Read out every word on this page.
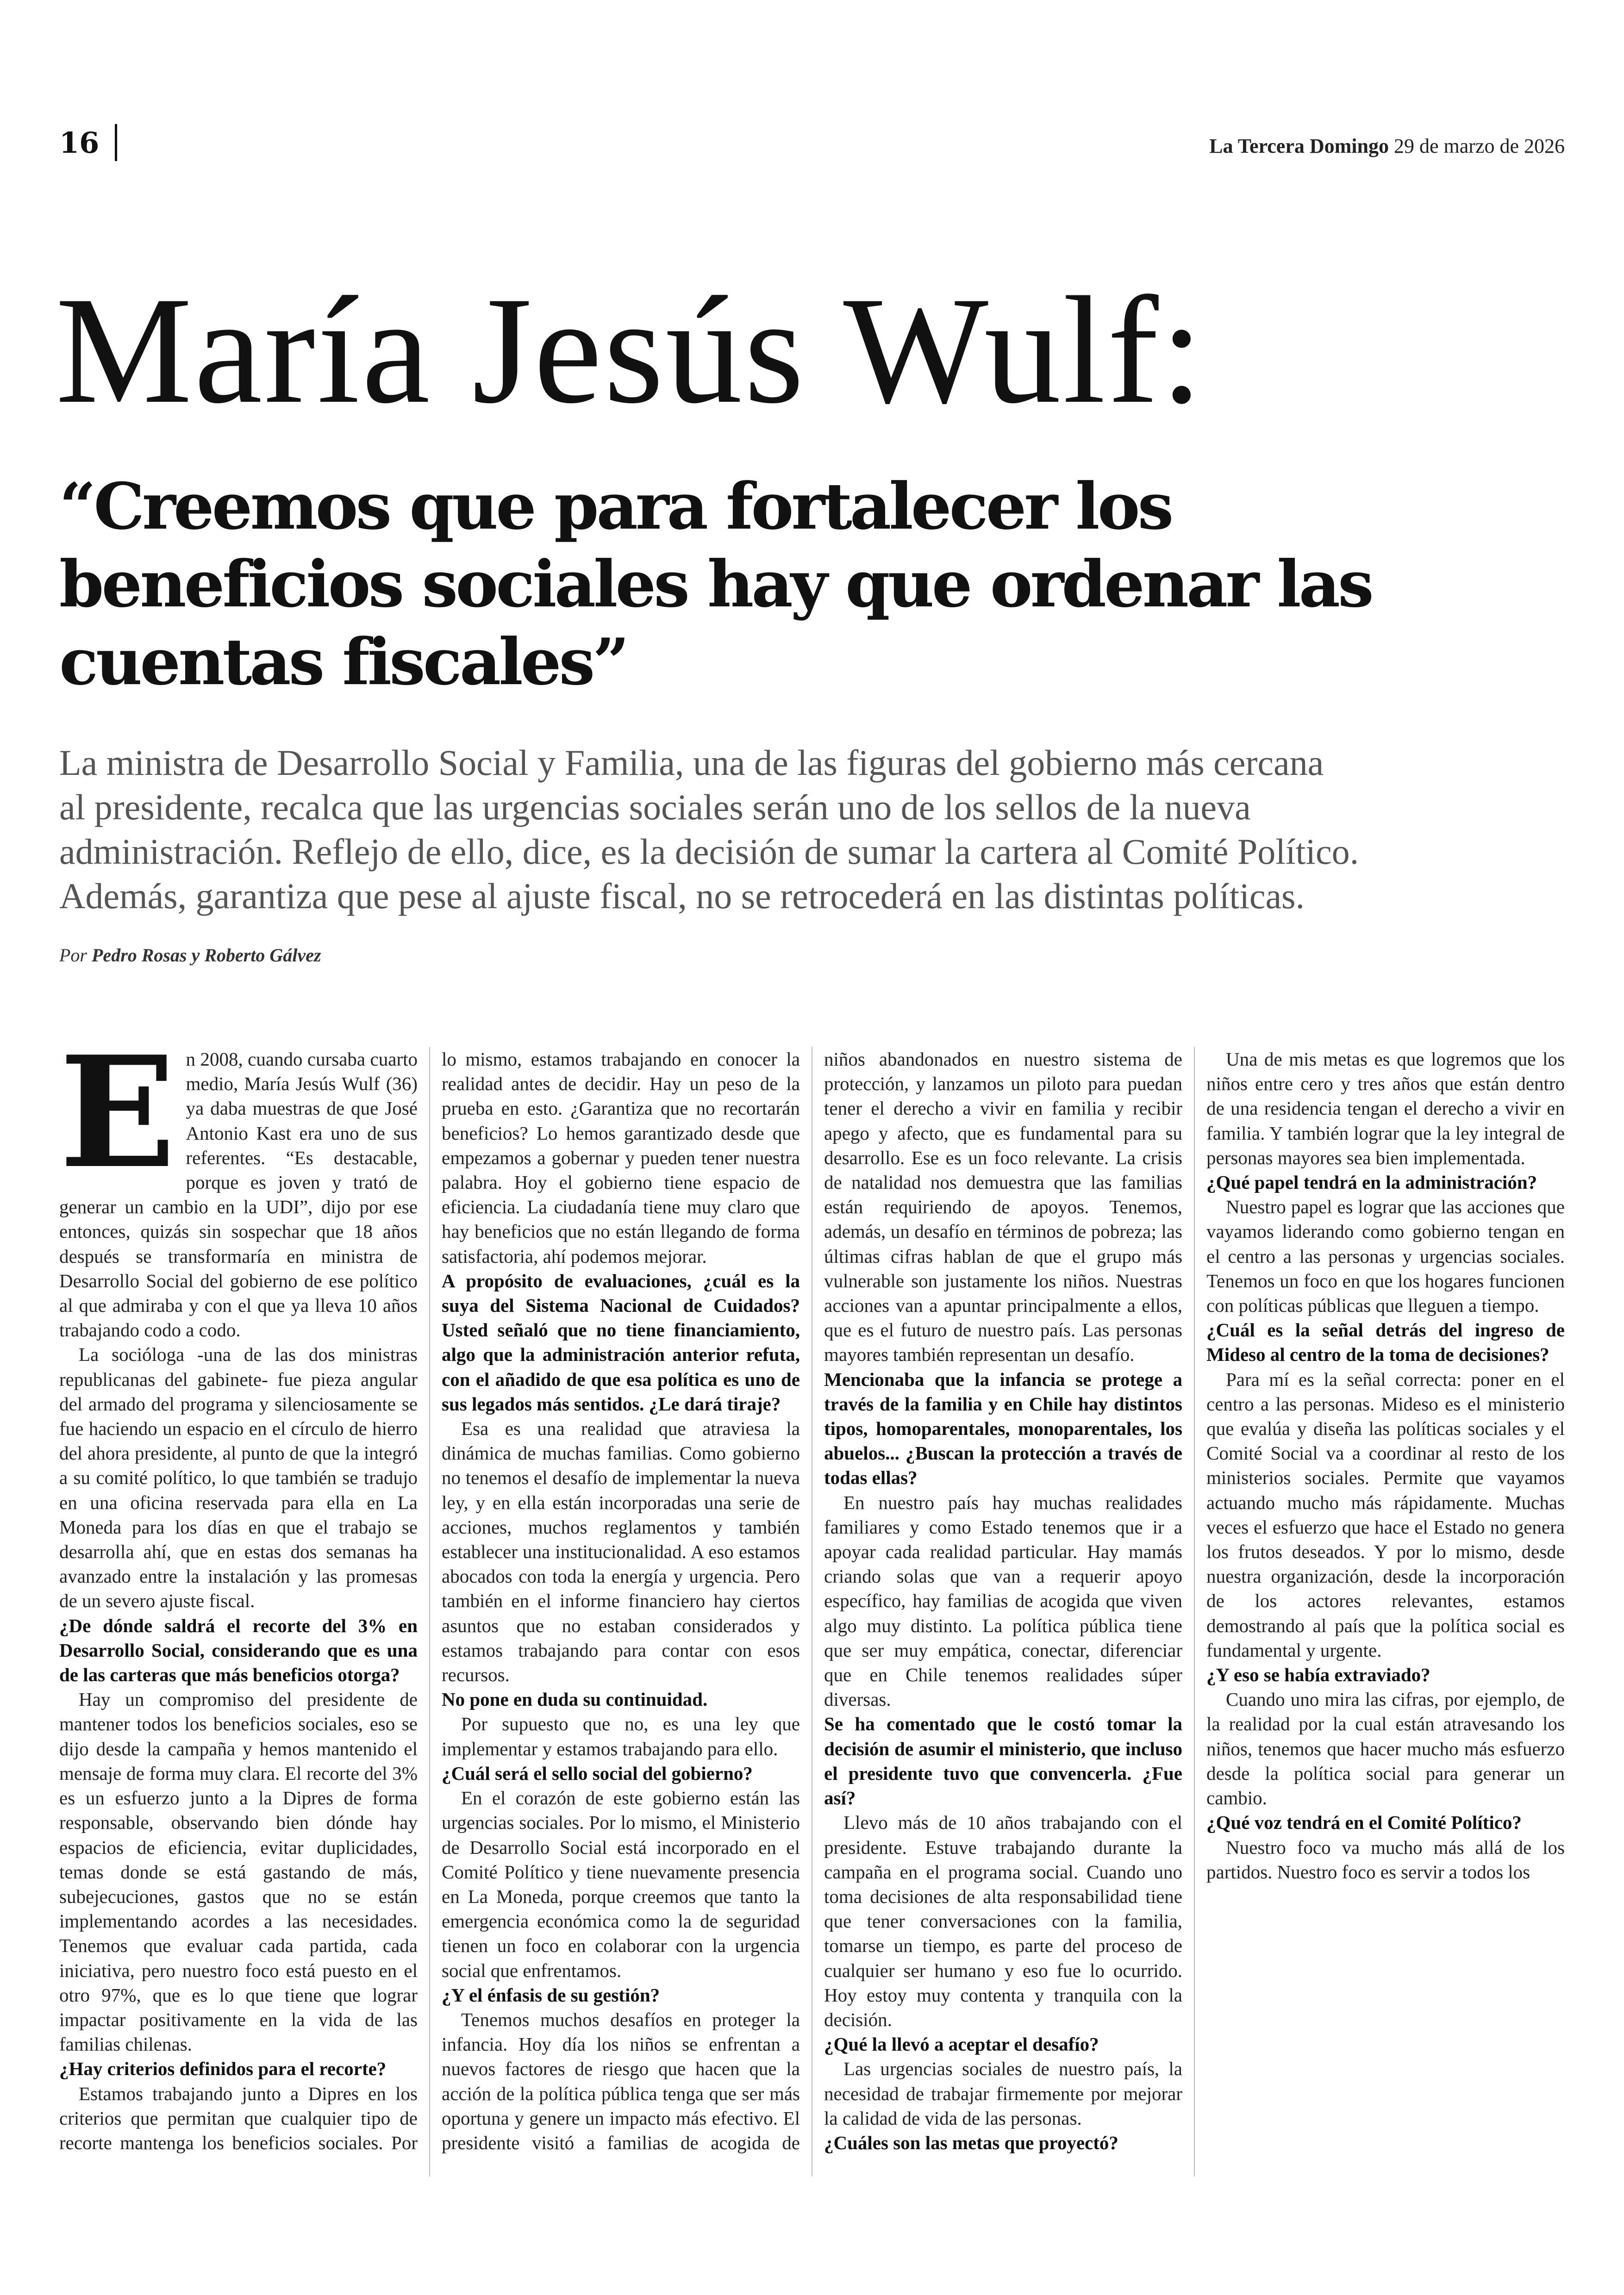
16	La Tercera Domingo 29 de marzo de 2026
María Jesús Wulf:
“Creemos que para fortalecer los beneficios sociales hay que ordenar las cuentas fiscales”
La ministra de Desarrollo Social y Familia, una de las figuras del gobierno más cercana
al presidente, recalca que las urgencias sociales serán uno de los sellos de la nueva
administración. Reflejo de ello, dice, es la decisión de sumar la cartera al Comité Político.
Además, garantiza que pese al ajuste fiscal, no se retrocederá en las distintas políticas.
Por Pedro Rosas y Roberto Gálvez

En 2008, cuando cursaba cuarto medio, María Jesús Wulf (36) ya daba muestras de que José Antonio Kast era uno de sus referentes. “Es destacable, porque es joven y trató de generar un cambio en la UDI”, dijo por ese entonces, quizás sin sospechar que 18 años después se transformaría en ministra de Desarrollo Social del gobierno de ese político al que admiraba y con el que ya lleva 10 años trabajando codo a codo.

La socióloga -una de las dos ministras republicanas del gabinete- fue pieza angular del armado del programa y silenciosamente se fue haciendo un espacio en el círculo de hierro del ahora presidente, al punto de que la integró a su comité político, lo que también se tradujo en una oficina reservada para ella en La Moneda para los días en que el trabajo se desarrolla ahí, que en estas dos semanas ha avanzado entre la instalación y las promesas de un severo ajuste fiscal.

¿De dónde saldrá el recorte del 3% en Desarrollo Social, considerando que es una de las carteras que más beneficios otorga?

Hay un compromiso del presidente de mantener todos los beneficios sociales, eso se dijo desde la campaña y hemos mantenido el mensaje de forma muy clara. El recorte del 3% es un esfuerzo junto a la Dipres de forma responsable, observando bien dónde hay espacios de eficiencia, evitar duplicidades, temas donde se está gastando de más, subejecuciones, gastos que no se están implementando acordes a las necesidades. Tenemos que evaluar cada partida, cada iniciativa, pero nuestro foco está puesto en el otro 97%, que es lo que tiene que lograr impactar positivamente en la vida de las familias chilenas.

¿Hay criterios definidos para el recorte?

Estamos trabajando junto a Dipres en los criterios que permitan que cualquier tipo de recorte mantenga los beneficios sociales. Por lo mismo, estamos trabajando en conocer la realidad antes de decidir. Hay un peso de la prueba en esto. ¿Garantiza que no recortarán beneficios? Lo hemos garantizado desde que empezamos a gobernar y pueden tener nuestra palabra. Hoy el gobierno tiene espacio de eficiencia. La ciudadanía tiene muy claro que hay beneficios que no están llegando de forma satisfactoria, ahí podemos mejorar.

A propósito de evaluaciones, ¿cuál es la suya del Sistema Nacional de Cuidados? Usted señaló que no tiene financiamiento, algo que la administración anterior refuta, con el añadido de que esa política es uno de sus legados más sentidos. ¿Le dará tiraje?

Esa es una realidad que atraviesa la dinámica de muchas familias. Como gobierno no tenemos el desafío de implementar la nueva ley, y en ella están incorporadas una serie de acciones, muchos reglamentos y también establecer una institucionalidad. A eso estamos abocados con toda la energía y urgencia. Pero también en el informe financiero hay ciertos asuntos que no estaban considerados y estamos trabajando para contar con esos recursos.

No pone en duda su continuidad.

Por supuesto que no, es una ley que implementar y estamos trabajando para ello.

¿Cuál será el sello social del gobierno?

En el corazón de este gobierno están las urgencias sociales. Por lo mismo, el Ministerio de Desarrollo Social está incorporado en el Comité Político y tiene nuevamente presencia en La Moneda, porque creemos que tanto la emergencia económica como la de seguridad tienen un foco en colaborar con la urgencia social que enfrentamos.

¿Y el énfasis de su gestión?

Tenemos muchos desafíos en proteger la infancia. Hoy día los niños se enfrentan a nuevos factores de riesgo que hacen que la acción de la política pública tenga que ser más oportuna y genere un impacto más efectivo. El presidente visitó a familias de acogida de niños abandonados en nuestro sistema de protección, y lanzamos un piloto para puedan tener el derecho a vivir en familia y recibir apego y afecto, que es fundamental para su desarrollo. Ese es un foco relevante. La crisis de natalidad nos demuestra que las familias están requiriendo de apoyos. Tenemos, además, un desafío en términos de pobreza; las últimas cifras hablan de que el grupo más vulnerable son justamente los niños. Nuestras acciones van a apuntar principalmente a ellos, que es el futuro de nuestro país. Las personas mayores también representan un desafío.

Mencionaba que la infancia se protege a través de la familia y en Chile hay distintos tipos, homoparentales, monoparentales, los abuelos... ¿Buscan la protección a través de todas ellas?

En nuestro país hay muchas realidades familiares y como Estado tenemos que ir a apoyar cada realidad particular. Hay mamás criando solas que van a requerir apoyo específico, hay familias de acogida que viven algo muy distinto. La política pública tiene que ser muy empática, conectar, diferenciar que en Chile tenemos realidades súper diversas.

Se ha comentado que le costó tomar la decisión de asumir el ministerio, que incluso el presidente tuvo que convencerla. ¿Fue así?

Llevo más de 10 años trabajando con el presidente. Estuve trabajando durante la campaña en el programa social. Cuando uno toma decisiones de alta responsabilidad tiene que tener conversaciones con la familia, tomarse un tiempo, es parte del proceso de cualquier ser humano y eso fue lo ocurrido. Hoy estoy muy contenta y tranquila con la decisión.

¿Qué la llevó a aceptar el desafío?

Las urgencias sociales de nuestro país, la necesidad de trabajar firmemente por mejorar la calidad de vida de las personas.

¿Cuáles son las metas que proyectó?

Una de mis metas es que logremos que los niños entre cero y tres años que están dentro de una residencia tengan el derecho a vivir en familia. Y también lograr que la ley integral de personas mayores sea bien implementada.

¿Qué papel tendrá en la administración?

Nuestro papel es lograr que las acciones que vayamos liderando como gobierno tengan en el centro a las personas y urgencias sociales. Tenemos un foco en que los hogares funcionen con políticas públicas que lleguen a tiempo.

¿Cuál es la señal detrás del ingreso de Mideso al centro de la toma de decisiones?

Para mí es la señal correcta: poner en el centro a las personas. Mideso es el ministerio que evalúa y diseña las políticas sociales y el Comité Social va a coordinar al resto de los ministerios sociales. Permite que vayamos actuando mucho más rápidamente. Muchas veces el esfuerzo que hace el Estado no genera los frutos deseados. Y por lo mismo, desde nuestra organización, desde la incorporación de los actores relevantes, estamos demostrando al país que la política social es fundamental y urgente.

¿Y eso se había extraviado?

Cuando uno mira las cifras, por ejemplo, de la realidad por la cual están atravesando los niños, tenemos que hacer mucho más esfuerzo desde la política social para generar un cambio.

¿Qué voz tendrá en el Comité Político?

Nuestro foco va mucho más allá de los partidos. Nuestro foco es servir a todos los
